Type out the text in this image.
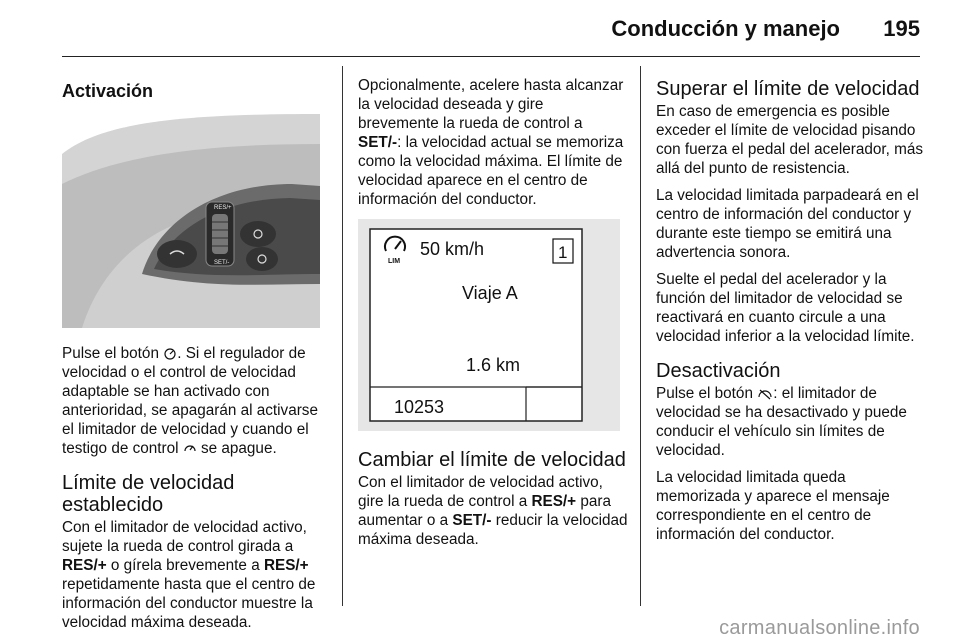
Conducción y manejo 195
Activación
RES/+
SET/-

Pulse el botón . Si el regulador de velocidad o el control de velocidad adaptable se han activado con anterioridad, se apagarán al activarse el limitador de velocidad y cuando el testigo de control se apague.

Límite de velocidad establecido

Con el limitador de velocidad activo, sujete la rueda de control girada a RES/+ o gírela brevemente a RES/+ repetidamente hasta que el centro de información del conductor muestre la velocidad máxima deseada.

Opcionalmente, acelere hasta alcanzar la velocidad deseada y gire brevemente la rueda de control a SET/-: la velocidad actual se memoriza como la velocidad máxima. El límite de velocidad aparece en el centro de información del conductor.

LIM
50 km/h	1
Viaje A
1.6 km
10253
Cambiar el límite de velocidad

Con el limitador de velocidad activo, gire la rueda de control a RES/+ para aumentar o a SET/- reducir la velocidad máxima deseada.

Superar el límite de velocidad

En caso de emergencia es posible exceder el límite de velocidad pisando con fuerza el pedal del acelerador, más allá del punto de resistencia.

La velocidad limitada parpadeará en el centro de información del conductor y durante este tiempo se emitirá una advertencia sonora.

Suelte el pedal del acelerador y la función del limitador de velocidad se reactivará en cuanto circule a una velocidad inferior a la velocidad límite.

Desactivación

Pulse el botón : el limitador de velocidad se ha desactivado y puede conducir el vehículo sin límites de velocidad.

La velocidad limitada queda memorizada y aparece el mensaje correspondiente en el centro de información del conductor.

carmanualsonline.info
